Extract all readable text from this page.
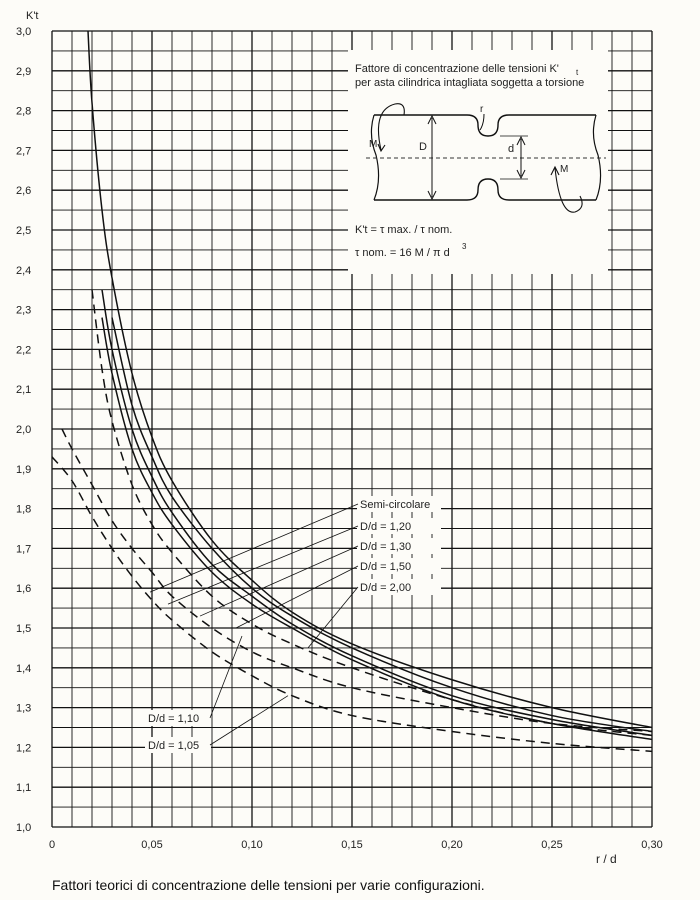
1,0
1,1
1,2
1,3
1,4
1,5
1,6
1,7
1,8
1,9
2,0
2,1
2,2
2,3
2,4
2,5
2,6
2,7
2,8
2,9
3,0
0	0,05	0,10	0,15	0,20	0,25	0,30
Semi-circolare
D/d = 1,20
D/d = 1,30
D/d = 1,50
D/d = 2,00
D/d = 1,10
D/d = 1,05
Fattore di concentrazione delle tensioni K' t
per asta cilindrica intagliata soggetta a torsione
D	d
r
M
M
K't = τ max. / τ nom.
τ nom. = 16 M / π d
3
K't
r / d
Fattori teorici di concentrazione delle tensioni per varie configurazioni.
